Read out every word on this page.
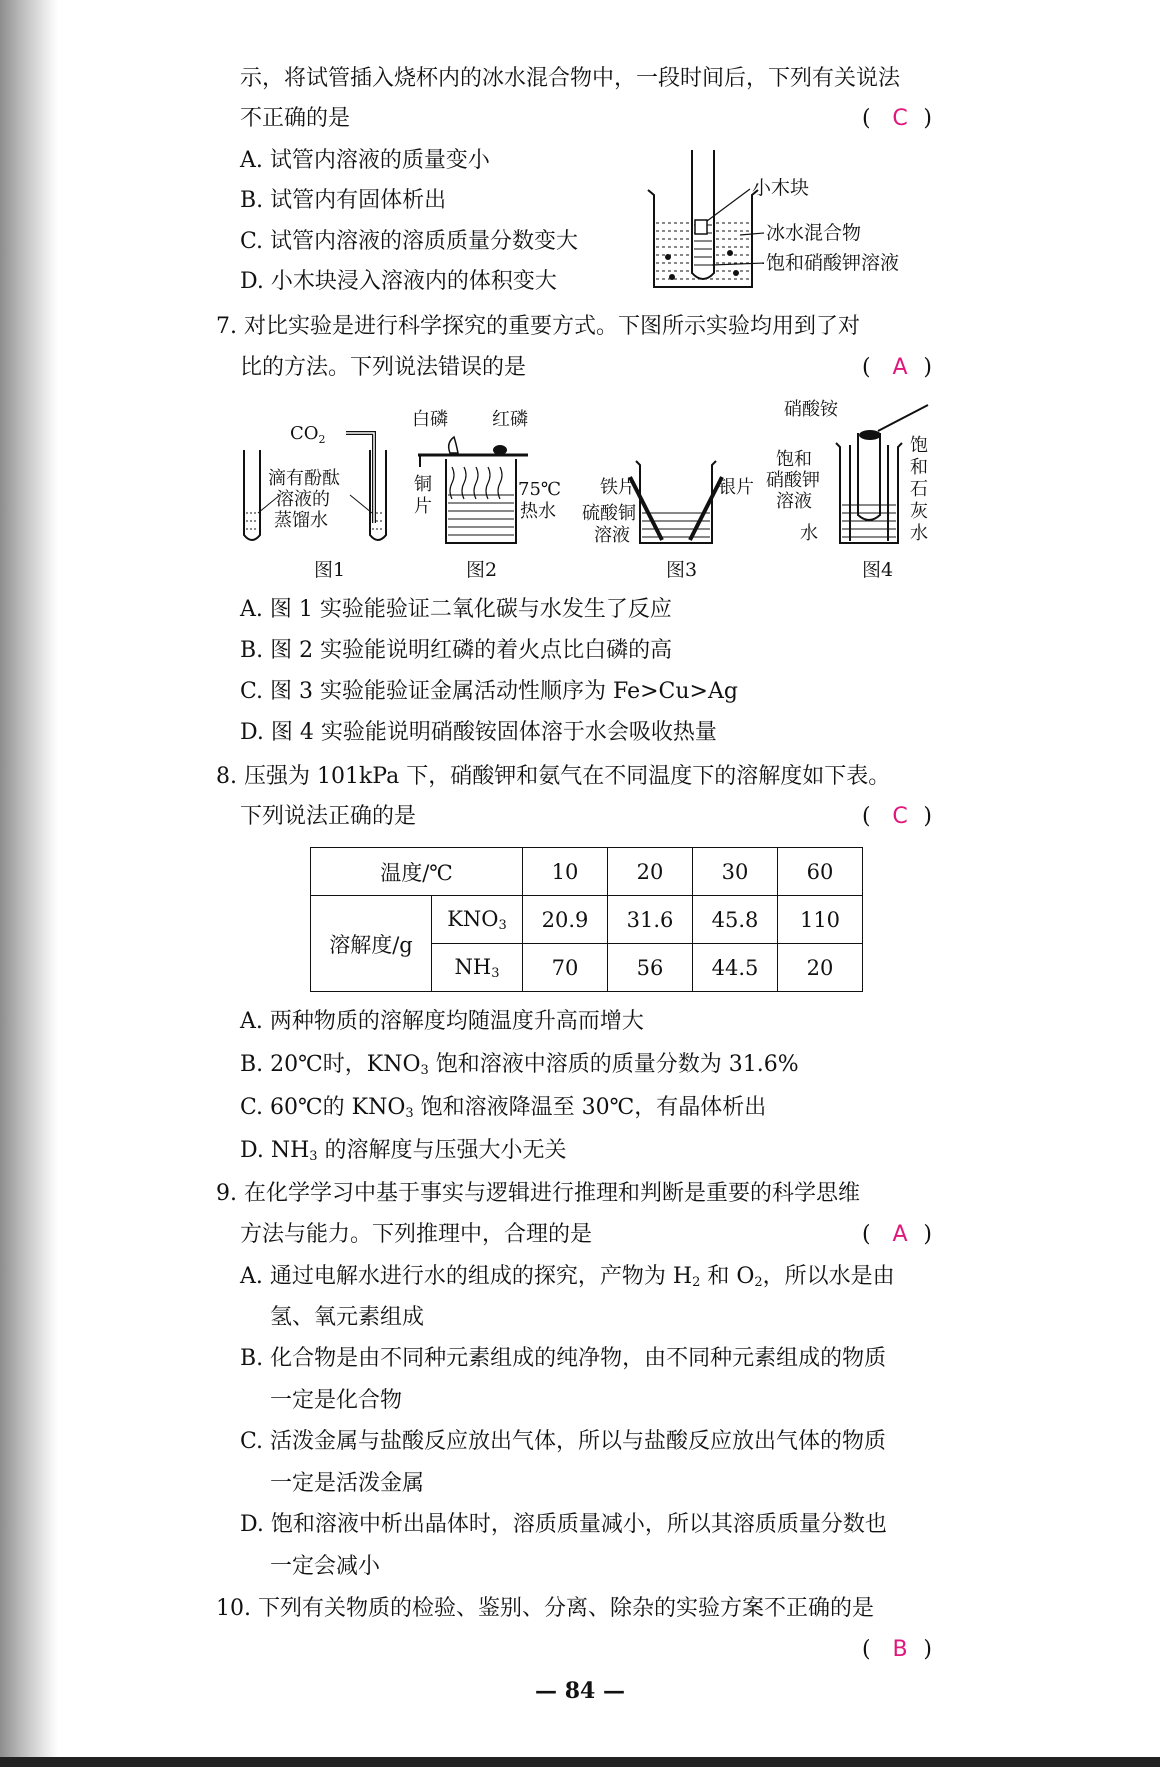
示，将试管插入烧杯内的冰水混合物中，一段时间后，下列有关说法
不正确的是	( C )
A. 试管内溶液的质量变小
B. 试管内有固体析出
C. 试管内溶液的溶质质量分数变大
D. 小木块浸入溶液内的体积变大
小木块
冰水混合物
饱和硝酸钾溶液
7. 对比实验是进行科学探究的重要方式。下图所示实验均用到了对
比的方法。下列说法错误的是	( A )
$CO_2$
滴有酚酞
溶液的
蒸馏水
图1
白磷 红磷
铜
片
75℃
热水
图2
铁片	银片
硫酸铜
溶液
图3
硝酸铵
饱和
硝酸钾
溶液
水
饱
和
石
灰
水
图4
A. 图 1 实验能验证二氧化碳与水发生了反应
B. 图 2 实验能说明红磷的着火点比白磷的高
C. 图 3 实验能验证金属活动性顺序为 Fe>Cu>Ag
D. 图 4 实验能说明硝酸铵固体溶于水会吸收热量
8. 压强为 101kPa 下，硝酸钾和氨气在不同温度下的溶解度如下表。
下列说法正确的是	( C )
温度/℃		10	20	30	60
溶解度/g	$KNO_3$	20.9	31.6	45.8	110
	$NH_3$	70	56	44.5	20
A. 两种物质的溶解度均随温度升高而增大
B. 20℃时，$KNO_3$ 饱和溶液中溶质的质量分数为 31.6%
C. 60℃的 $KNO_3$ 饱和溶液降温至 30℃，有晶体析出
D. $NH_3$ 的溶解度与压强大小无关
9. 在化学学习中基于事实与逻辑进行推理和判断是重要的科学思维
方法与能力。下列推理中，合理的是	( A )
A. 通过电解水进行水的组成的探究，产物为 $H_2$ 和 $O_2$，所以水是由
氢、氧元素组成
B. 化合物是由不同种元素组成的纯净物，由不同种元素组成的物质
一定是化合物
C. 活泼金属与盐酸反应放出气体，所以与盐酸反应放出气体的物质
一定是活泼金属
D. 饱和溶液中析出晶体时，溶质质量减小，所以其溶质质量分数也
一定会减小
10. 下列有关物质的检验、鉴别、分离、除杂的实验方案不正确的是
( B )
— 84 —
